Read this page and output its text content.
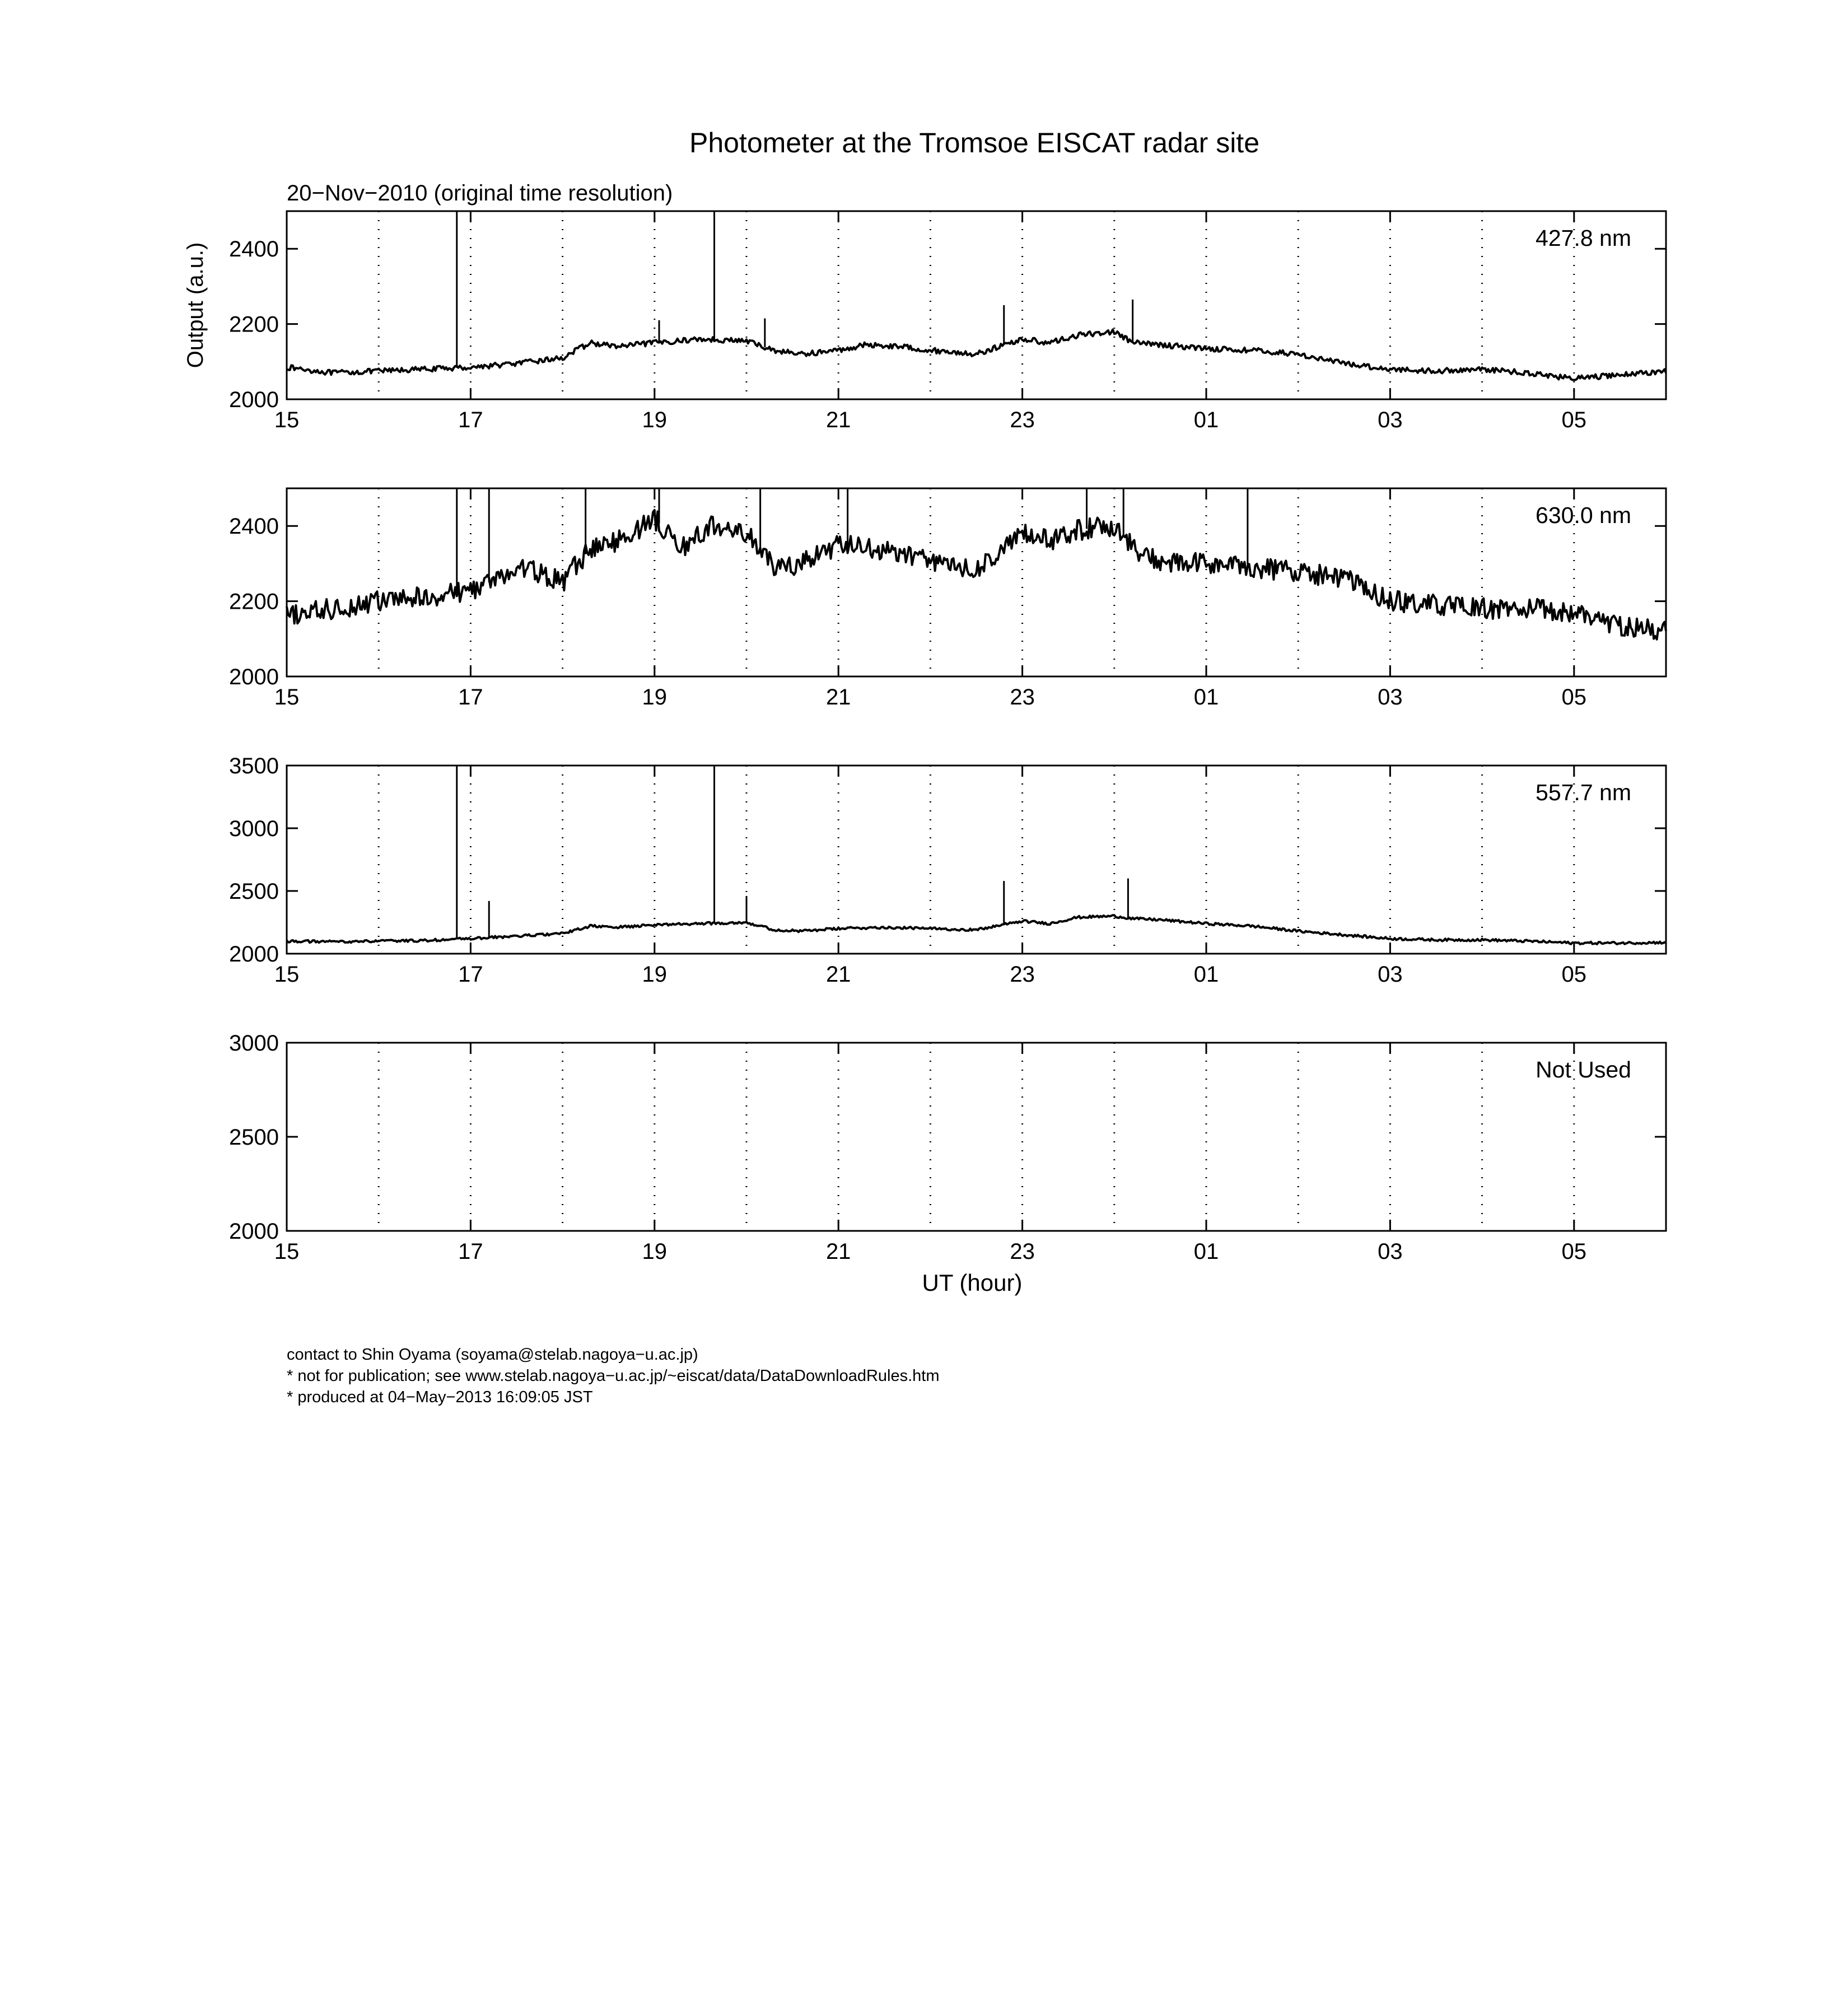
Photometer at the Tromsoe EISCAT radar site
20−Nov−2010 (original time resolution)
Output (a.u.)
UT (hour)
2000
2200
2400
15	17	19	21	23	01	03	05
427.8 nm
2000
2200
2400
15	17	19	21	23	01	03	05
630.0 nm
2000
2500
3000
3500
15	17	19	21	23	01	03	05
557.7 nm
2000
2500
3000
15	17	19	21	23	01	03	05
Not Used
contact to Shin Oyama (soyama@stelab.nagoya−u.ac.jp)
* not for publication; see www.stelab.nagoya−u.ac.jp/~eiscat/data/DataDownloadRules.htm
* produced at 04−May−2013 16:09:05 JST
